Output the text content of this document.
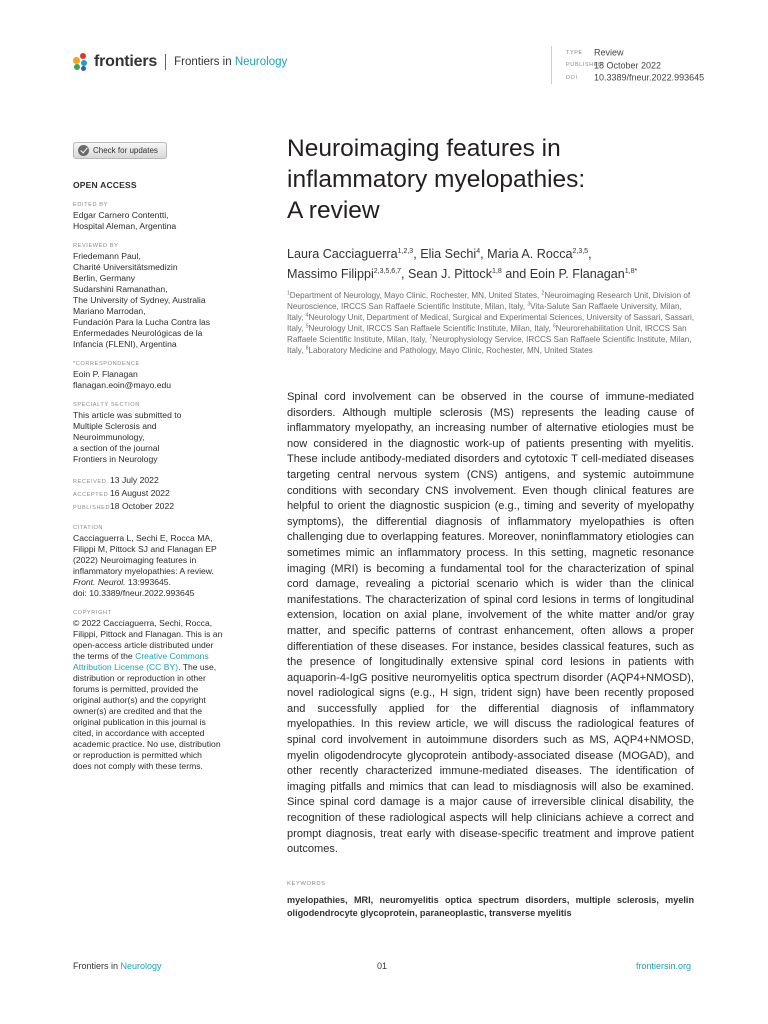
frontiers Frontiers in Neurology
TYPE Review
PUBLISHED18 October 2022
DOI 10.3389/fneur.2022.993645
Check for updates
OPEN ACCESS
EDITED BY
Edgar Carnero Contentti,
Hospital Aleman, Argentina
REVIEWED BY
Friedemann Paul,
Charité Universitätsmedizin
Berlin, Germany
Sudarshini Ramanathan,
The University of Sydney, Australia
Mariano Marrodan,
Fundación Para la Lucha Contra las
Enfermedades Neurológicas de la
Infancia (FLENI), Argentina
*CORRESPONDENCE
Eoin P. Flanagan
flanagan.eoin@mayo.edu
SPECIALTY SECTION
This article was submitted to
Multiple Sclerosis and
Neuroimmunology,
a section of the journal
Frontiers in Neurology
RECEIVED 13 July 2022
ACCEPTED 16 August 2022
PUBLISHED18 October 2022
CITATION
Cacciaguerra L, Sechi E, Rocca MA,
Filippi M, Pittock SJ and Flanagan EP
(2022) Neuroimaging features in
inflammatory myelopathies: A review.
Front. Neurol. 13:993645.
doi: 10.3389/fneur.2022.993645
COPYRIGHT
© 2022 Cacciaguerra, Sechi, Rocca,
Filippi, Pittock and Flanagan. This is an
open-access article distributed under
the terms of the Creative Commons
Attribution License (CC BY). The use,
distribution or reproduction in other
forums is permitted, provided the
original author(s) and the copyright
owner(s) are credited and that the
original publication in this journal is
cited, in accordance with accepted
academic practice. No use, distribution
or reproduction is permitted which
does not comply with these terms.
Neuroimaging features in
inflammatory myelopathies:
A review
Laura Cacciaguerra$^{1,2,3}$, Elia Sechi$^4$, Maria A. Rocca$^{2,3,5}$,
Massimo Filippi$^{2,3,5,6,7}$, Sean J. Pittock$^{1,8}$ and Eoin P. Flanagan$^{1,8*}$
$^1$Department of Neurology, Mayo Clinic, Rochester, MN, United States, $^2$Neuroimaging Research Unit, Division of Neuroscience, IRCCS San Raffaele Scientific Institute, Milan, Italy, $^3$Vita-Salute San Raffaele University, Milan, Italy, $^4$Neurology Unit, Department of Medical, Surgical and Experimental Sciences, University of Sassari, Sassari, Italy, $^5$Neurology Unit, IRCCS San Raffaele Scientific Institute, Milan, Italy, $^6$Neurorehabilitation Unit, IRCCS San Raffaele Scientific Institute, Milan, Italy, $^7$Neurophysiology Service, IRCCS San Raffaele Scientific Institute, Milan, Italy, $^8$Laboratory Medicine and Pathology, Mayo Clinic, Rochester, MN, United States

Spinal cord involvement can be observed in the course of immune-mediated disorders. Although multiple sclerosis (MS) represents the leading cause of inflammatory myelopathy, an increasing number of alternative etiologies must be now considered in the diagnostic work-up of patients presenting with myelitis. These include antibody-mediated disorders and cytotoxic T cell-mediated diseases targeting central nervous system (CNS) antigens, and systemic autoimmune conditions with secondary CNS involvement. Even though clinical features are helpful to orient the diagnostic suspicion (e.g., timing and severity of myelopathy symptoms), the differential diagnosis of inflammatory myelopathies is often challenging due to overlapping features. Moreover, noninflammatory etiologies can sometimes mimic an inflammatory process. In this setting, magnetic resonance imaging (MRI) is becoming a fundamental tool for the characterization of spinal cord damage, revealing a pictorial scenario which is wider than the clinical manifestations. The characterization of spinal cord lesions in terms of longitudinal extension, location on axial plane, involvement of the white matter and/or gray matter, and specific patterns of contrast enhancement, often allows a proper differentiation of these diseases. For instance, besides classical features, such as the presence of longitudinally extensive spinal cord lesions in patients with aquaporin-4-IgG positive neuromyelitis optica spectrum disorder (AQP4+NMOSD), novel radiological signs (e.g., H sign, trident sign) have been recently proposed and successfully applied for the differential diagnosis of inflammatory myelopathies. In this review article, we will discuss the radiological features of spinal cord involvement in autoimmune disorders such as MS, AQP4+NMOSD, myelin oligodendrocyte glycoprotein antibody-associated disease (MOGAD), and other recently characterized immune-mediated diseases. The identification of imaging pitfalls and mimics that can lead to misdiagnosis will also be examined. Since spinal cord damage is a major cause of irreversible clinical disability, the recognition of these radiological aspects will help clinicians achieve a correct and prompt diagnosis, treat early with disease-specific treatment and improve patient outcomes.

KEYWORDS
myelopathies, MRI, neuromyelitis optica spectrum disorders, multiple sclerosis, myelin oligodendrocyte glycoprotein, paraneoplastic, transverse myelitis
Frontiers in Neurology	01	frontiersin.org
